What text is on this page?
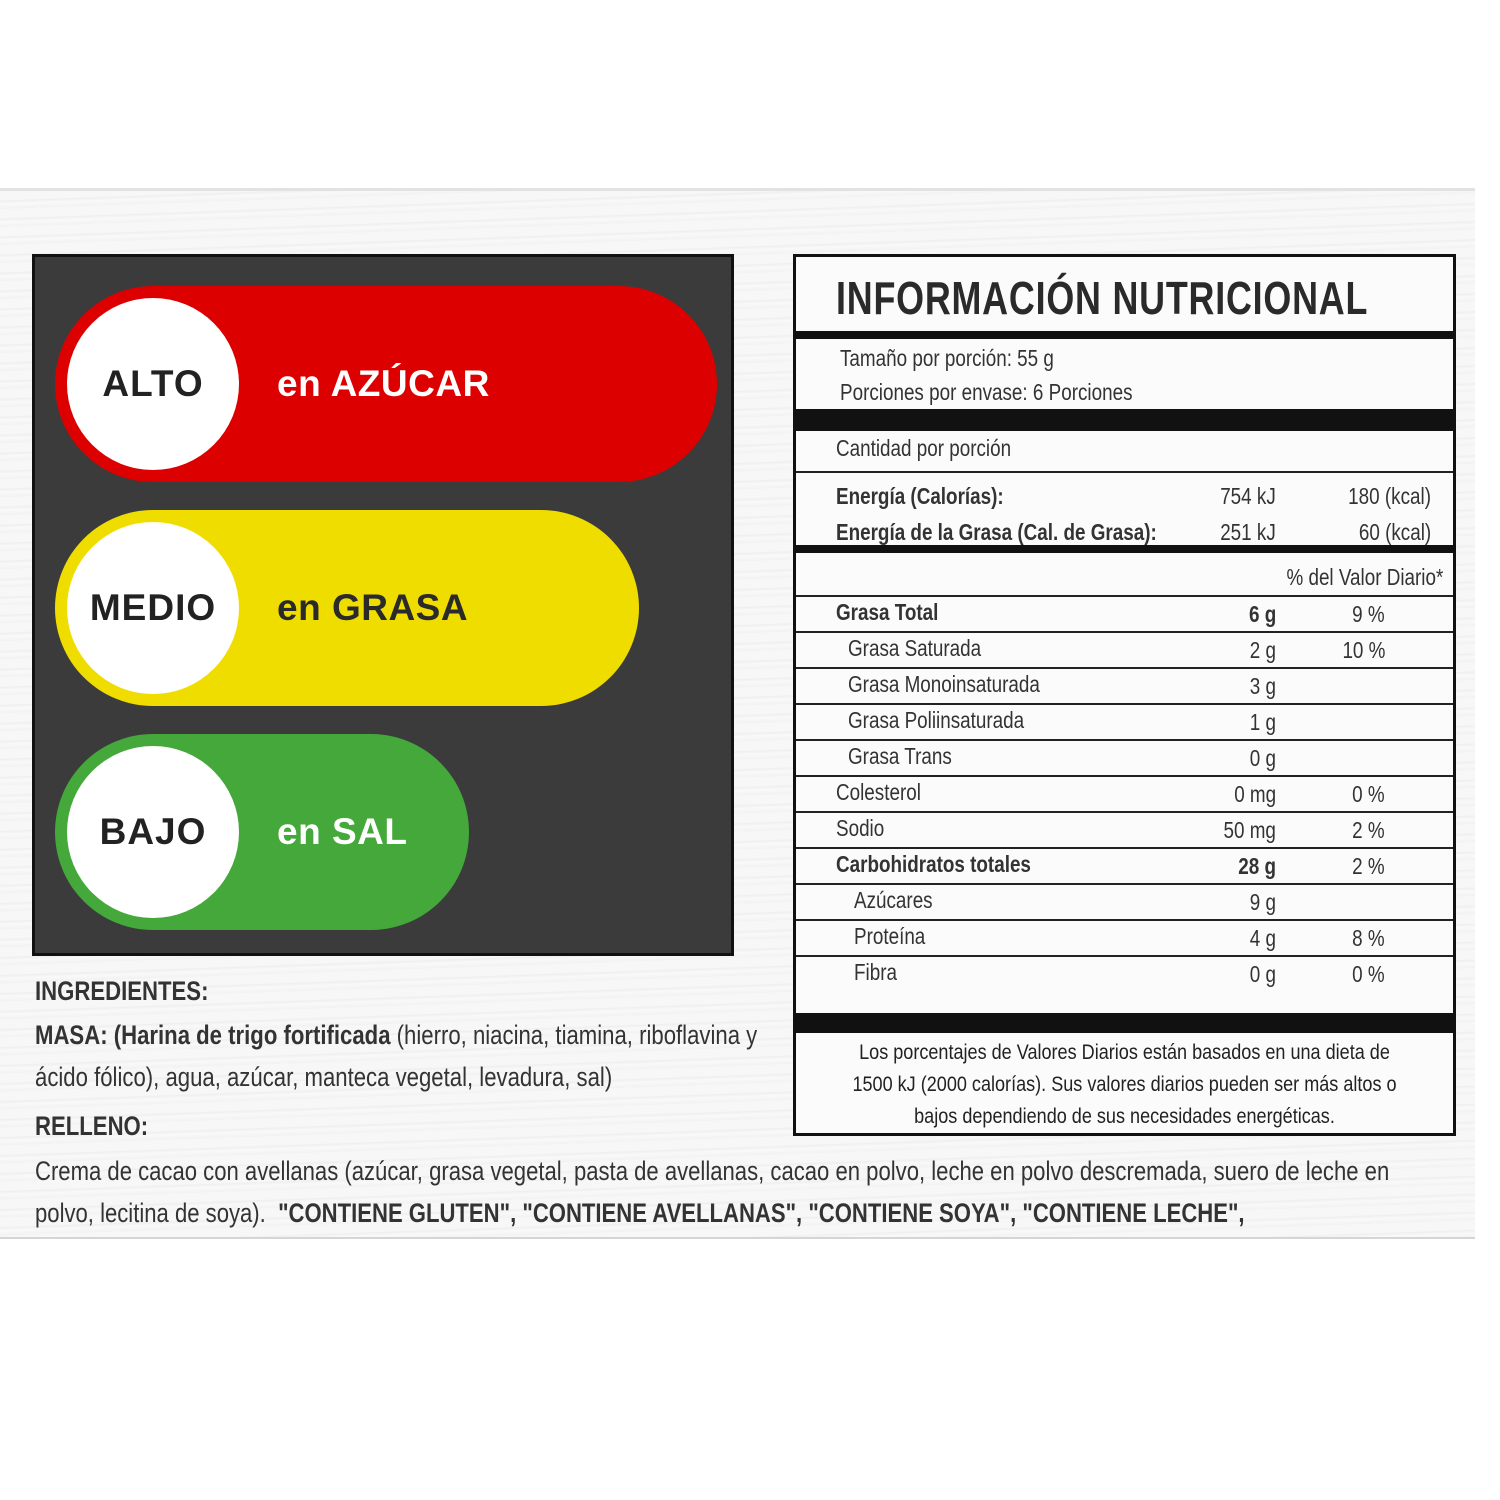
ALTO	en AZÚCAR
MEDIO	en GRASA
BAJO	en SAL
INGREDIENTES:
MASA: (Harina de trigo fortificada (hierro, niacina, tiamina, riboflavina y ácido fólico), agua, azúcar, manteca vegetal, levadura, sal)
RELLENO:
Crema de cacao con avellanas (azúcar, grasa vegetal, pasta de avellanas, cacao en polvo, leche en polvo descremada, suero de leche en polvo, lecitina de soya). "CONTIENE GLUTEN", "CONTIENE AVELLANAS", "CONTIENE SOYA", "CONTIENE LECHE",
INFORMACIÓN NUTRICIONAL
Tamaño por porción: 55 g
Porciones por envase: 6 Porciones
Cantidad por porción
Energía (Calorías):	754 kJ	180 (kcal)
Energía de la Grasa (Cal. de Grasa):	251 kJ	60 (kcal)
% del Valor Diario*
Grasa Total	6 g	9 %
Grasa Saturada	2 g	10 %
Grasa Monoinsaturada	3 g
Grasa Poliinsaturada	1 g
Grasa Trans	0 g
Colesterol	0 mg	0 %
Sodio	50 mg	2 %
Carbohidratos totales	28 g	2 %
Azúcares	9 g
Proteína	4 g	8 %
Fibra	0 g	0 %
Los porcentajes de Valores Diarios están basados en una dieta de 1500 kJ (2000 calorías). Sus valores diarios pueden ser más altos o bajos dependiendo de sus necesidades energéticas.
